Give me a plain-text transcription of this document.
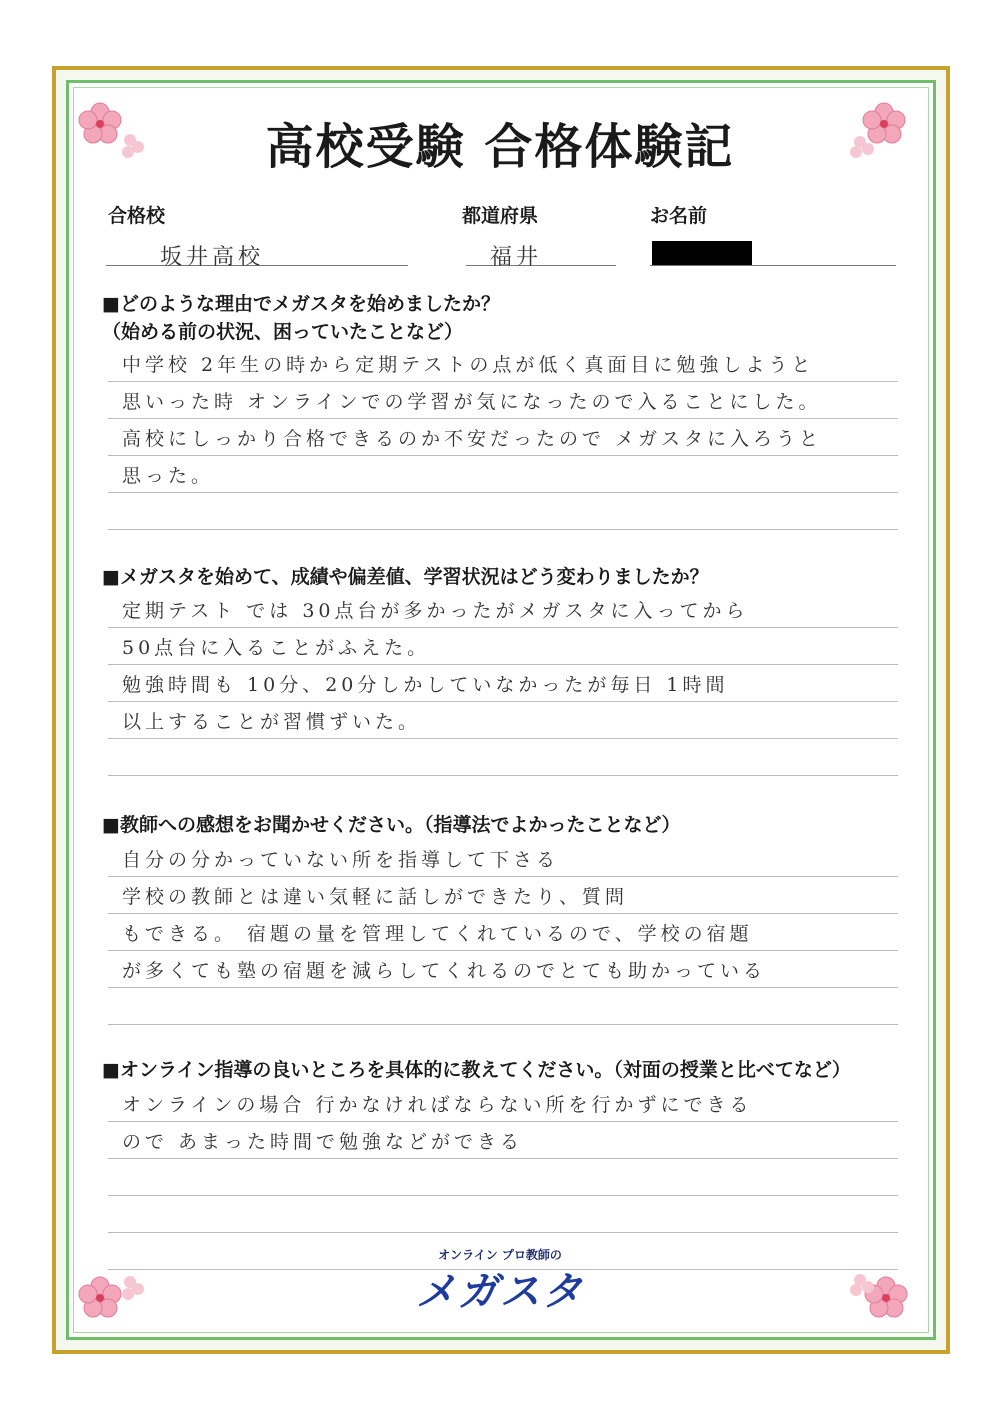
高校受験 合格体験記
合格校	都道府県	お名前
坂井高校	福井
■どのような理由でメガスタを始めましたか？
（始める前の状況、困っていたことなど）
中学校 2年生の時から定期テストの点が低く真面目に勉強しようと
思いった時 オンラインでの学習が気になったので入ることにした。
高校にしっかり合格できるのか不安だったので メガスタに入ろうと
思った。
■メガスタを始めて、成績や偏差値、学習状況はどう変わりましたか？
定期テスト では 30点台が多かったがメガスタに入ってから
50点台に入ることがふえた。
勉強時間も 10分、20分しかしていなかったが毎日 1時間
以上することが習慣ずいた。
■教師への感想をお聞かせください。（指導法でよかったことなど）
自分の分かっていない所を指導して下さる
学校の教師とは違い気軽に話しができたり、質問
もできる。 宿題の量を管理してくれているので、学校の宿題
が多くても塾の宿題を減らしてくれるのでとても助かっている
■オンライン指導の良いところを具体的に教えてください。（対面の授業と比べてなど）
オンラインの場合 行かなければならない所を行かずにできる
ので あまった時間で勉強などができる
オンライン プロ教師の
メガスタ
